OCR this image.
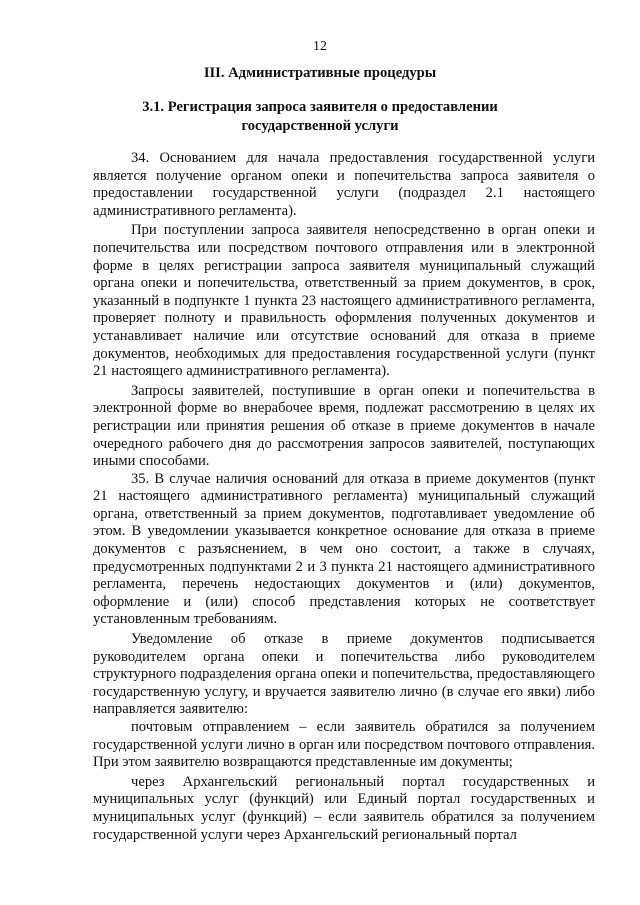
12
III. Административные процедуры
3.1. Регистрация запроса заявителя о предоставлении государственной услуги

34. Основанием для начала предоставления государственной услуги является получение органом опеки и попечительства запроса заявителя о предоставлении государственной услуги (подраздел 2.1 настоящего административного регламента).

При поступлении запроса заявителя непосредственно в орган опеки и попечительства или посредством почтового отправления или в электронной форме в целях регистрации запроса заявителя муниципальный служащий органа опеки и попечительства, ответственный за прием документов, в срок, указанный в подпункте 1 пункта 23 настоящего административного регламента, проверяет полноту и правильность оформления полученных документов и устанавливает наличие или отсутствие оснований для отказа в приеме документов, необходимых для предоставления государственной услуги (пункт 21 настоящего административного регламента).

Запросы заявителей, поступившие в орган опеки и попечительства в электронной форме во внерабочее время, подлежат рассмотрению в целях их регистрации или принятия решения об отказе в приеме документов в начале очередного рабочего дня до рассмотрения запросов заявителей, поступающих иными способами.

35. В случае наличия оснований для отказа в приеме документов (пункт 21 настоящего административного регламента) муниципальный служащий органа, ответственный за прием документов, подготавливает уведомление об этом. В уведомлении указывается конкретное основание для отказа в приеме документов с разъяснением, в чем оно состоит, а также в случаях, предусмотренных подпунктами 2 и 3 пункта 21 настоящего административного регламента, перечень недостающих документов и (или) документов, оформление и (или) способ представления которых не соответствует установленным требованиям.

Уведомление об отказе в приеме документов подписывается руководителем органа опеки и попечительства либо руководителем структурного подразделения органа опеки и попечительства, предоставляющего государственную услугу, и вручается заявителю лично (в случае его явки) либо направляется заявителю:

почтовым отправлением – если заявитель обратился за получением государственной услуги лично в орган или посредством почтового отправления. При этом заявителю возвращаются представленные им документы;

через Архангельский региональный портал государственных и муниципальных услуг (функций) или Единый портал государственных и муниципальных услуг (функций) – если заявитель обратился за получением государственной услуги через Архангельский региональный портал
